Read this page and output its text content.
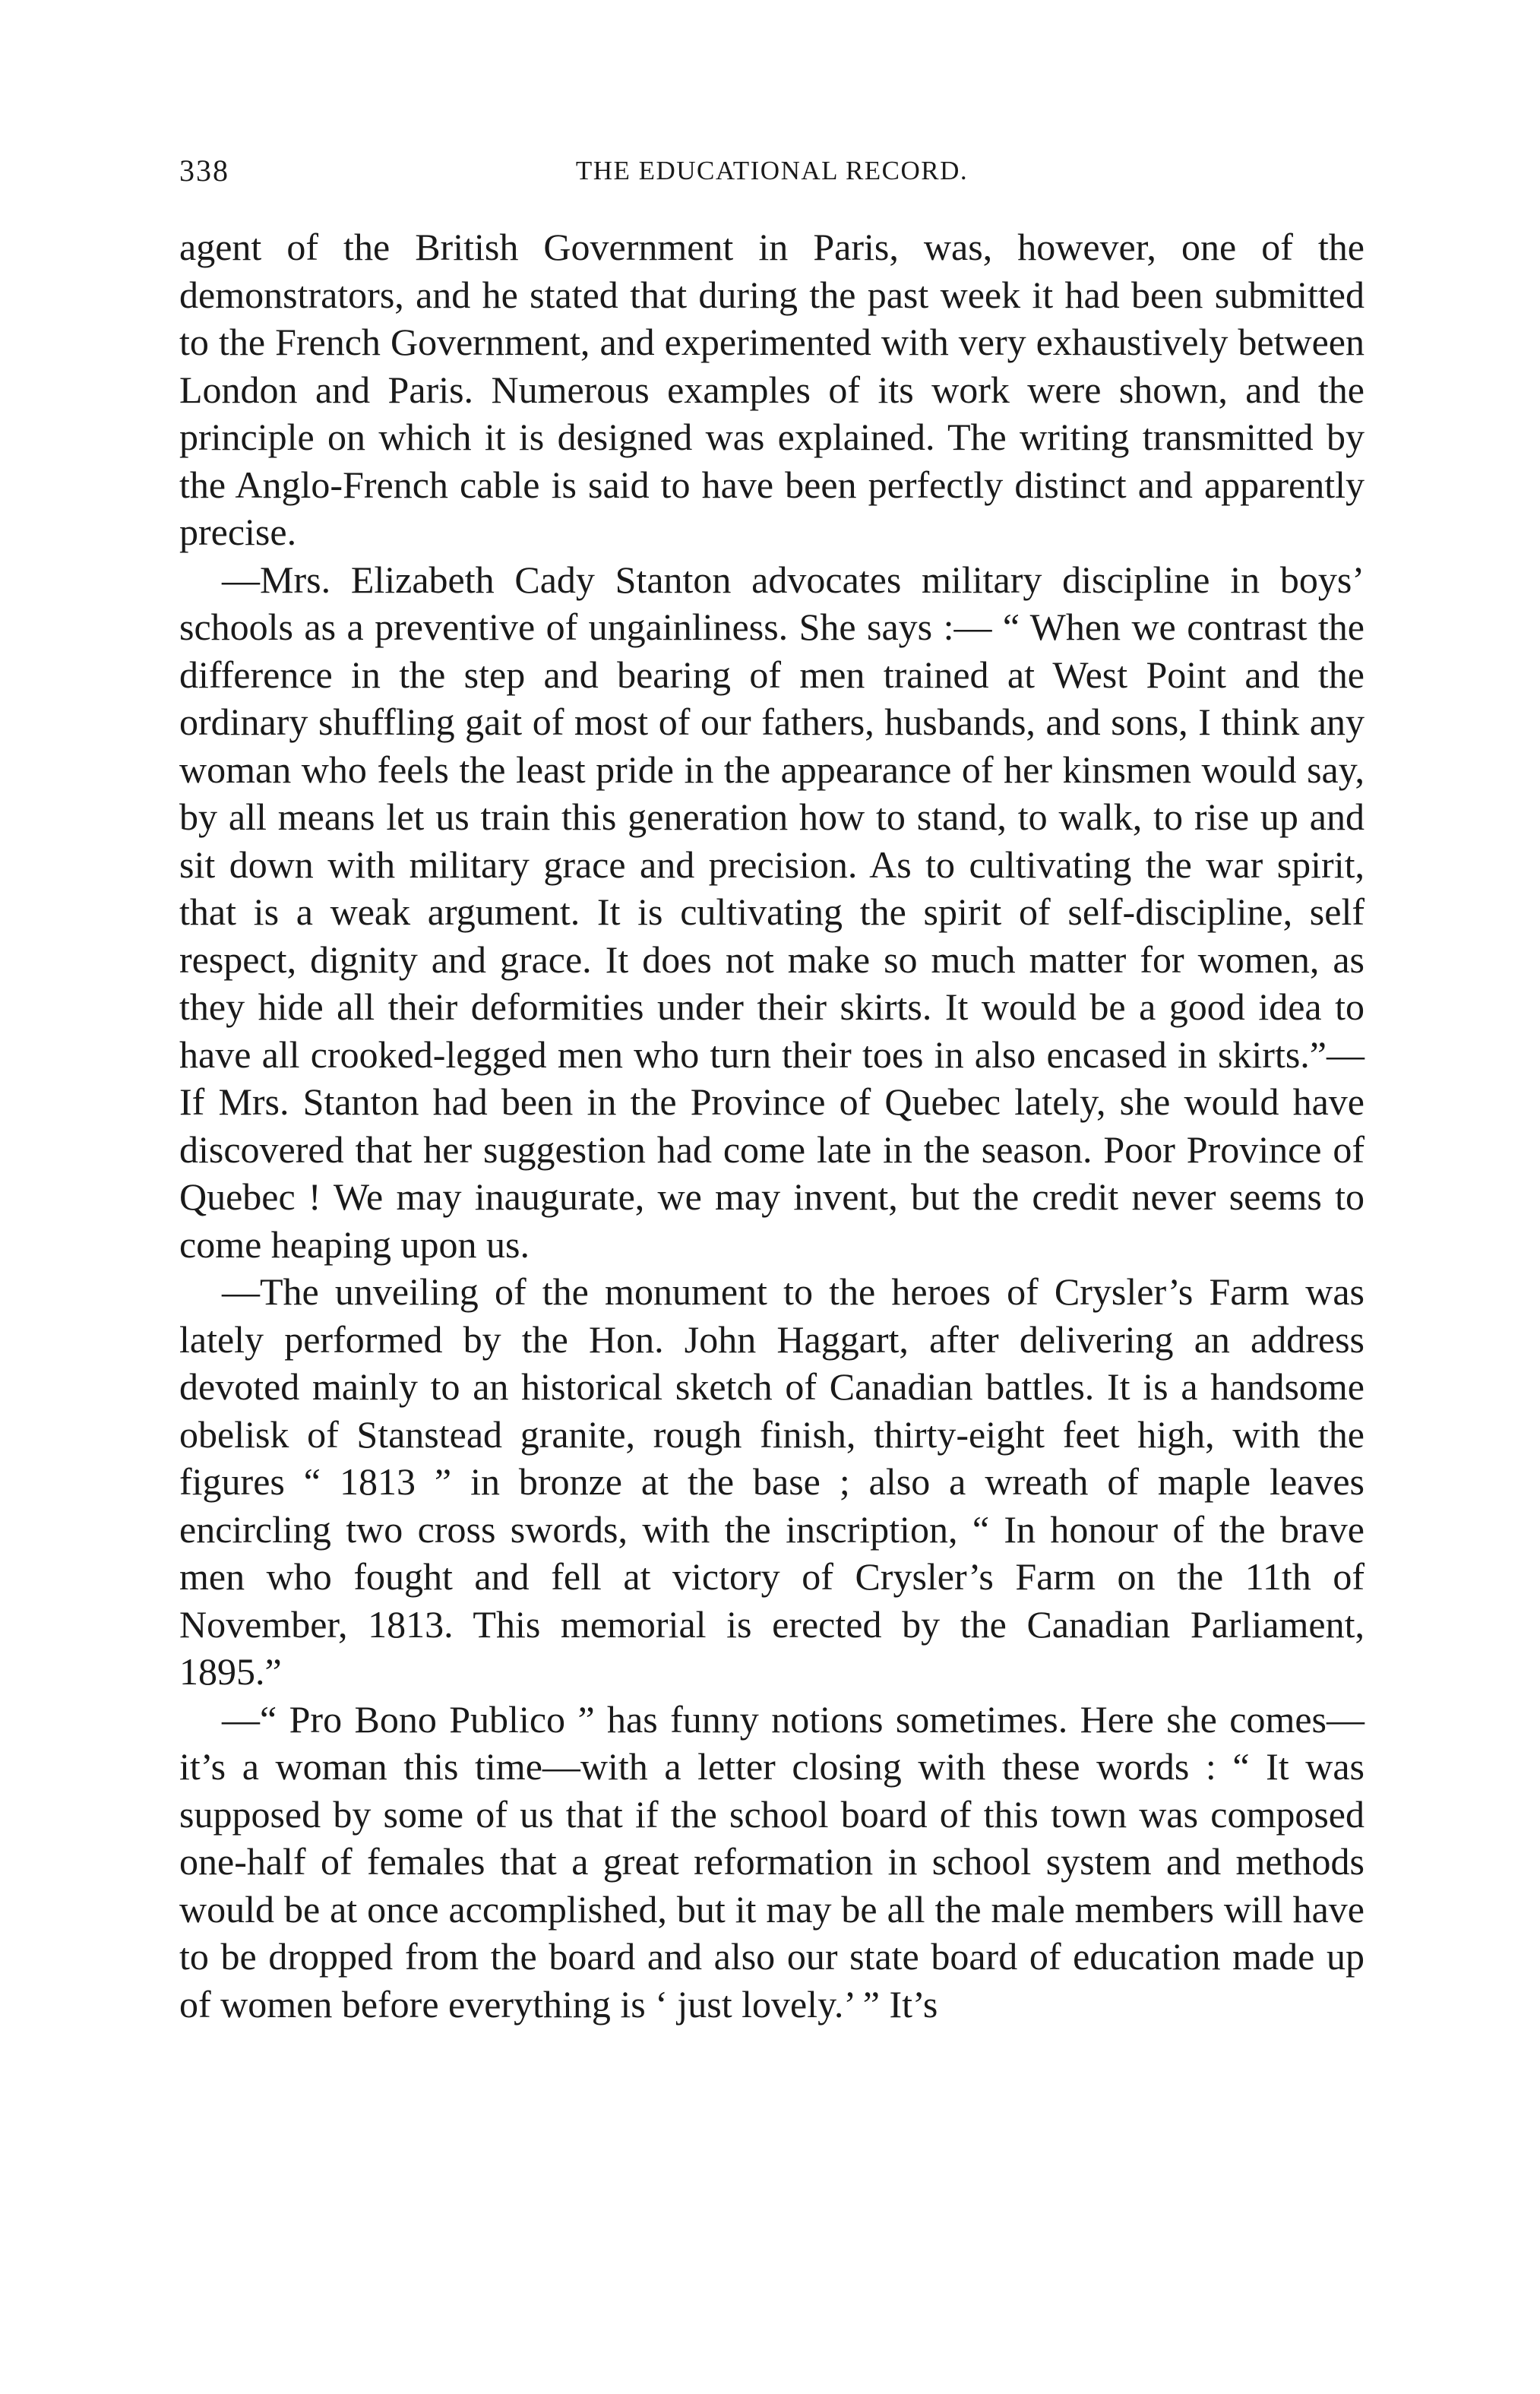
338	THE EDUCATIONAL RECORD.

agent of the British Government in Paris, was, however, one of the demonstrators, and he stated that during the past week it had been submitted to the French Government, and experimented with very exhaustively between London and Paris. Numerous examples of its work were shown, and the principle on which it is designed was explained. The writing transmitted by the Anglo-French cable is said to have been perfectly distinct and apparently precise.

—Mrs. Elizabeth Cady Stanton advocates military discipline in boys’ schools as a preventive of ungainliness. She says :— “ When we contrast the difference in the step and bearing of men trained at West Point and the ordinary shuffling gait of most of our fathers, husbands, and sons, I think any woman who feels the least pride in the appearance of her kinsmen would say, by all means let us train this generation how to stand, to walk, to rise up and sit down with military grace and precision. As to cultivating the war spirit, that is a weak argument. It is cultivating the spirit of self-discipline, self respect, dignity and grace. It does not make so much matter for women, as they hide all their deformities under their skirts. It would be a good idea to have all crooked-legged men who turn their toes in also encased in skirts.”—If Mrs. Stanton had been in the Province of Quebec lately, she would have discovered that her suggestion had come late in the season. Poor Province of Quebec ! We may inaugurate, we may invent, but the credit never seems to come heaping upon us.

—The unveiling of the monument to the heroes of Crysler’s Farm was lately performed by the Hon. John Haggart, after delivering an address devoted mainly to an historical sketch of Canadian battles. It is a handsome obelisk of Stanstead granite, rough finish, thirty-eight feet high, with the figures “ 1813 ” in bronze at the base ; also a wreath of maple leaves encircling two cross swords, with the inscription, “ In honour of the brave men who fought and fell at victory of Crysler’s Farm on the 11th of November, 1813. This memorial is erected by the Canadian Parliament, 1895.”

—“ Pro Bono Publico ” has funny notions sometimes. Here she comes—it’s a woman this time—with a letter closing with these words : “ It was supposed by some of us that if the school board of this town was composed one-half of females that a great reformation in school system and methods would be at once accomplished, but it may be all the male members will have to be dropped from the board and also our state board of education made up of women before everything is ‘ just lovely.’ ” It’s
